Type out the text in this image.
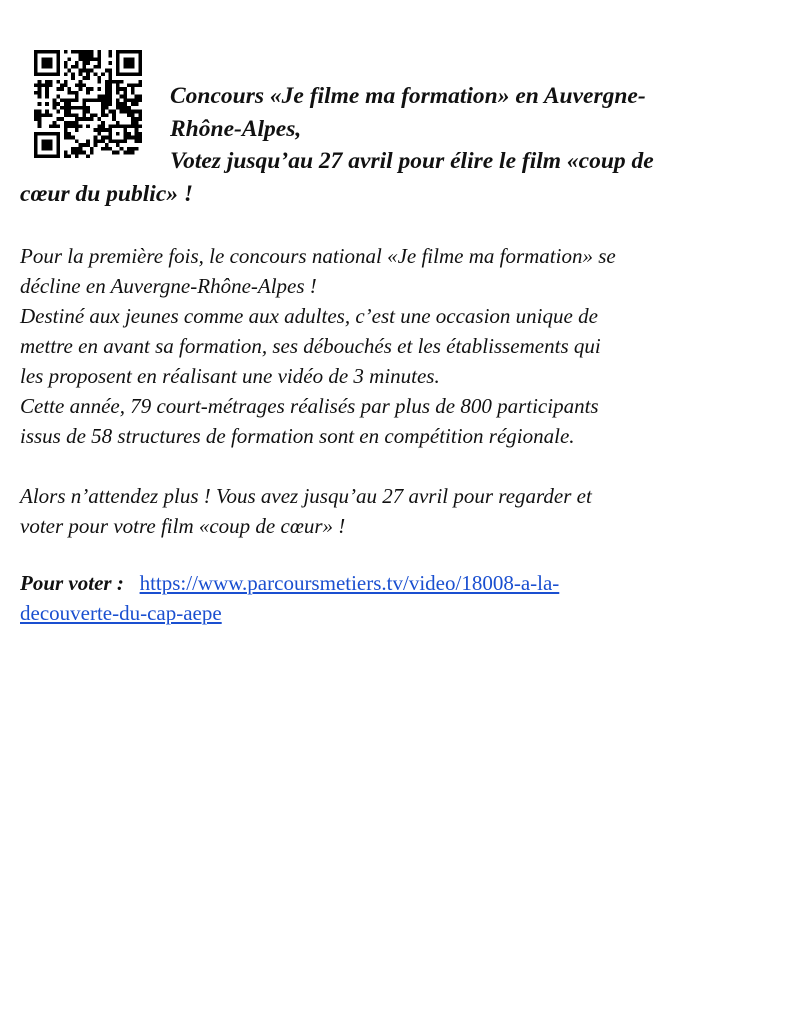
Concours «Je filme ma formation» en Auvergne-
Rhône-Alpes,
Votez jusqu’au 27 avril pour élire le film «coup de
cœur du public» !
Pour la première fois, le concours national «Je filme ma formation» se
décline en Auvergne-Rhône-Alpes !
Destiné aux jeunes comme aux adultes, c’est une occasion unique de
mettre en avant sa formation, ses débouchés et les établissements qui
les proposent en réalisant une vidéo de 3 minutes.
Cette année, 79 court-métrages réalisés par plus de 800 participants
issus de 58 structures de formation sont en compétition régionale.
Alors n’attendez plus ! Vous avez jusqu’au 27 avril pour regarder et
voter pour votre film «coup de cœur» !
Pour voter : https://www.parcoursmetiers.tv/video/18008-a-la-
decouverte-du-cap-aepe
